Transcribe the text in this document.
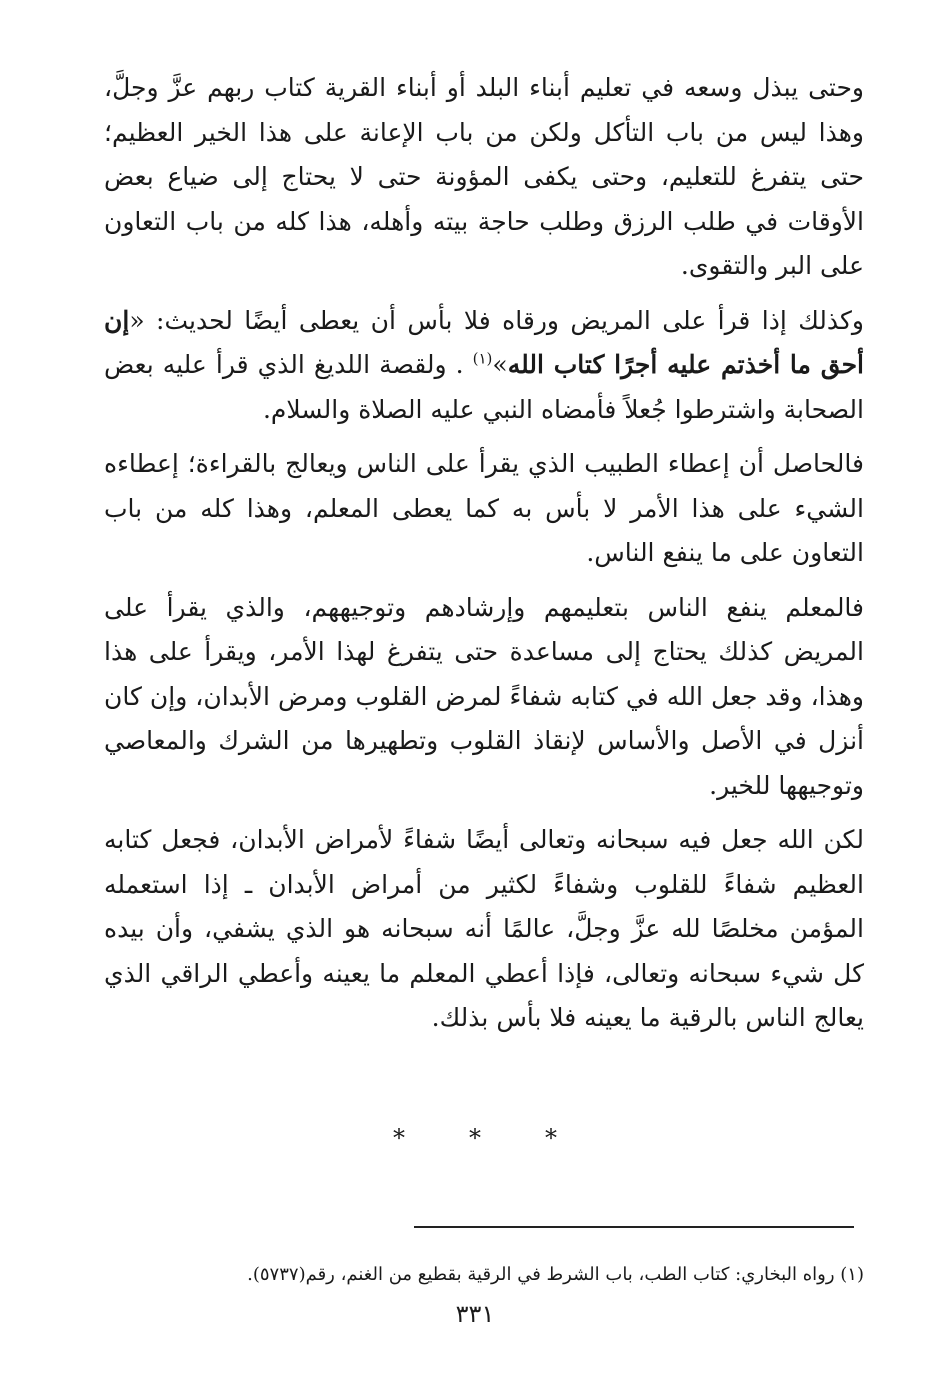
وحتى يبذل وسعه في تعليم أبناء البلد أو أبناء القرية كتاب ربهم عزَّ وجلَّ، وهذا ليس من باب التأكل ولكن من باب الإعانة على هذا الخير العظيم؛ حتى يتفرغ للتعليم، وحتى يكفى المؤونة حتى لا يحتاج إلى ضياع بعض الأوقات في طلب الرزق وطلب حاجة بيته وأهله، هذا كله من باب التعاون على البر والتقوى.

وكذلك إذا قرأ على المريض ورقاه فلا بأس أن يعطى أيضًا لحديث: «إن أحق ما أخذتم عليه أجرًا كتاب الله»$^{(١)}$ . ولقصة اللديغ الذي قرأ عليه بعض الصحابة واشترطوا جُعلاً فأمضاه النبي عليه الصلاة والسلام.

فالحاصل أن إعطاء الطبيب الذي يقرأ على الناس ويعالج بالقراءة؛ إعطاءه الشيء على هذا الأمر لا بأس به كما يعطى المعلم، وهذا كله من باب التعاون على ما ينفع الناس.

فالمعلم ينفع الناس بتعليمهم وإرشادهم وتوجيههم، والذي يقرأ على المريض كذلك يحتاج إلى مساعدة حتى يتفرغ لهذا الأمر، ويقرأ على هذا وهذا، وقد جعل الله في كتابه شفاءً لمرض القلوب ومرض الأبدان، وإن كان أنزل في الأصل والأساس لإنقاذ القلوب وتطهيرها من الشرك والمعاصي وتوجيهها للخير.

لكن الله جعل فيه سبحانه وتعالى أيضًا شفاءً لأمراض الأبدان، فجعل كتابه العظيم شفاءً للقلوب وشفاءً لكثير من أمراض الأبدان ـ إذا استعمله المؤمن مخلصًا لله عزَّ وجلَّ، عالمًا أنه سبحانه هو الذي يشفي، وأن بيده كل شيء سبحانه وتعالى، فإذا أعطي المعلم ما يعينه وأعطي الراقي الذي يعالج الناس بالرقية ما يعينه فلا بأس بذلك.

***
(١) رواه البخاري: كتاب الطب، باب الشرط في الرقية بقطيع من الغنم، رقم(٥٧٣٧).
٣٣١
